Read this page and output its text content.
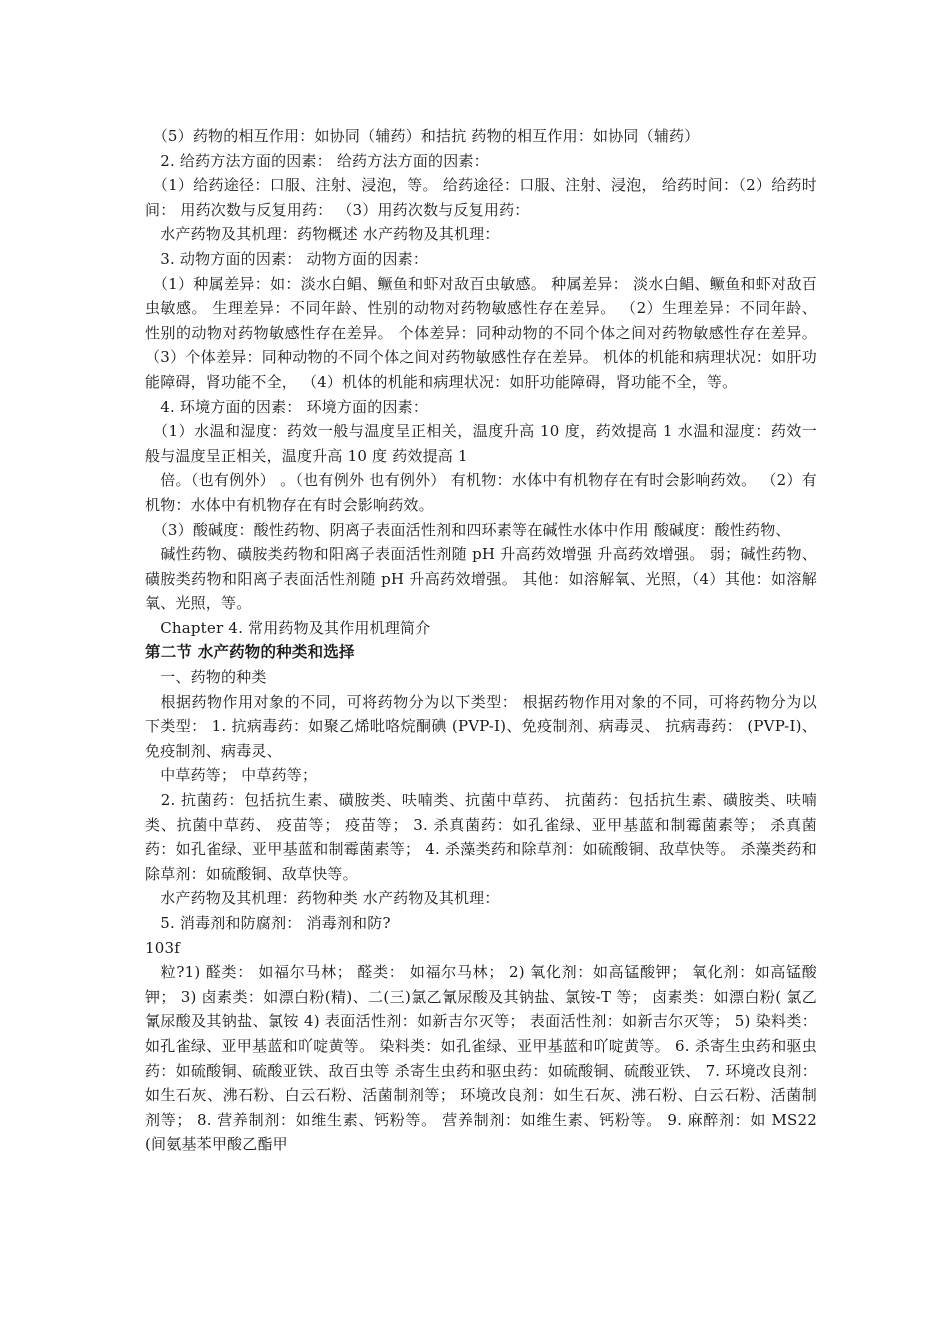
　（5）药物的相互作用：如协同（辅药）和拮抗 药物的相互作用：如协同（辅药）

　2. 给药方法方面的因素： 给药方法方面的因素：

　（1）给药途径：口服、注射、浸泡，等。 给药途径：口服、注射、浸泡， 给药时间：（2）给药时间： 用药次数与反复用药： （3）用药次数与反复用药：

　水产药物及其机理：药物概述 水产药物及其机理：

　3. 动物方面的因素： 动物方面的因素：

　（1）种属差异：如：淡水白鲳、鳜鱼和虾对敌百虫敏感。 种属差异： 淡水白鲳、鳜鱼和虾对敌百虫敏感。 生理差异：不同年龄、性别的动物对药物敏感性存在差异。 （2）生理差异：不同年龄、性别的动物对药物敏感性存在差异。 个体差异：同种动物的不同个体之间对药物敏感性存在差异。 （3）个体差异：同种动物的不同个体之间对药物敏感性存在差异。 机体的机能和病理状况：如肝功能障碍，肾功能不全， （4）机体的机能和病理状况：如肝功能障碍，肾功能不全，等。

　4. 环境方面的因素： 环境方面的因素：

　（1）水温和湿度：药效一般与温度呈正相关，温度升高 10 度，药效提高 1 水温和湿度：药效一般与温度呈正相关，温度升高 10 度 药效提高 1

　倍。（也有例外） 。（也有例外 也有例外） 有机物：水体中有机物存在有时会影响药效。 （2）有机物：水体中有机物存在有时会影响药效。

　（3）酸碱度：酸性药物、阴离子表面活性剂和四环素等在碱性水体中作用 酸碱度：酸性药物、

　碱性药物、磺胺类药物和阳离子表面活性剂随 pH 升高药效增强 升高药效增强。 弱；碱性药物、磺胺类药物和阳离子表面活性剂随 pH 升高药效增强。 其他：如溶解氧、光照，（4）其他：如溶解氧、光照，等。

　Chapter 4. 常用药物及其作用机理简介

第二节 水产药物的种类和选择

　一、药物的种类

　根据药物作用对象的不同，可将药物分为以下类型： 根据药物作用对象的不同，可将药物分为以下类型： 1. 抗病毒药：如聚乙烯吡咯烷酮碘 (PVP-I)、免疫制剂、病毒灵、 抗病毒药： (PVP-I)、免疫制剂、病毒灵、

　中草药等； 中草药等；

　2. 抗菌药：包括抗生素、磺胺类、呋喃类、抗菌中草药、 抗菌药：包括抗生素、磺胺类、呋喃类、抗菌中草药、 疫苗等； 疫苗等； 3. 杀真菌药：如孔雀绿、亚甲基蓝和制霉菌素等； 杀真菌药：如孔雀绿、亚甲基蓝和制霉菌素等； 4. 杀藻类药和除草剂：如硫酸铜、敌草快等。 杀藻类药和除草剂：如硫酸铜、敌草快等。

　水产药物及其机理：药物种类 水产药物及其机理：

　5. 消毒剂和防腐剂： 消毒剂和防?

103f

　粒?1) 醛类： 如福尔马林； 醛类： 如福尔马林； 2) 氧化剂：如高锰酸钾； 氧化剂：如高锰酸钾； 3) 卤素类：如漂白粉(精)、二(三)氯乙氰尿酸及其钠盐、氯铵-T 等； 卤素类：如漂白粉( 氯乙氰尿酸及其钠盐、氯铵 4) 表面活性剂：如新吉尔灭等； 表面活性剂：如新吉尔灭等； 5) 染料类：如孔雀绿、亚甲基蓝和吖啶黄等。 染料类：如孔雀绿、亚甲基蓝和吖啶黄等。 6. 杀寄生虫药和驱虫药：如硫酸铜、硫酸亚铁、敌百虫等 杀寄生虫药和驱虫药：如硫酸铜、硫酸亚铁、 7. 环境改良剂：如生石灰、沸石粉、白云石粉、活菌制剂等； 环境改良剂：如生石灰、沸石粉、白云石粉、活菌制剂等； 8. 营养制剂：如维生素、钙粉等。 营养制剂：如维生素、钙粉等。 9. 麻醉剂：如 MS22 (间氨基苯甲酸乙酯甲
